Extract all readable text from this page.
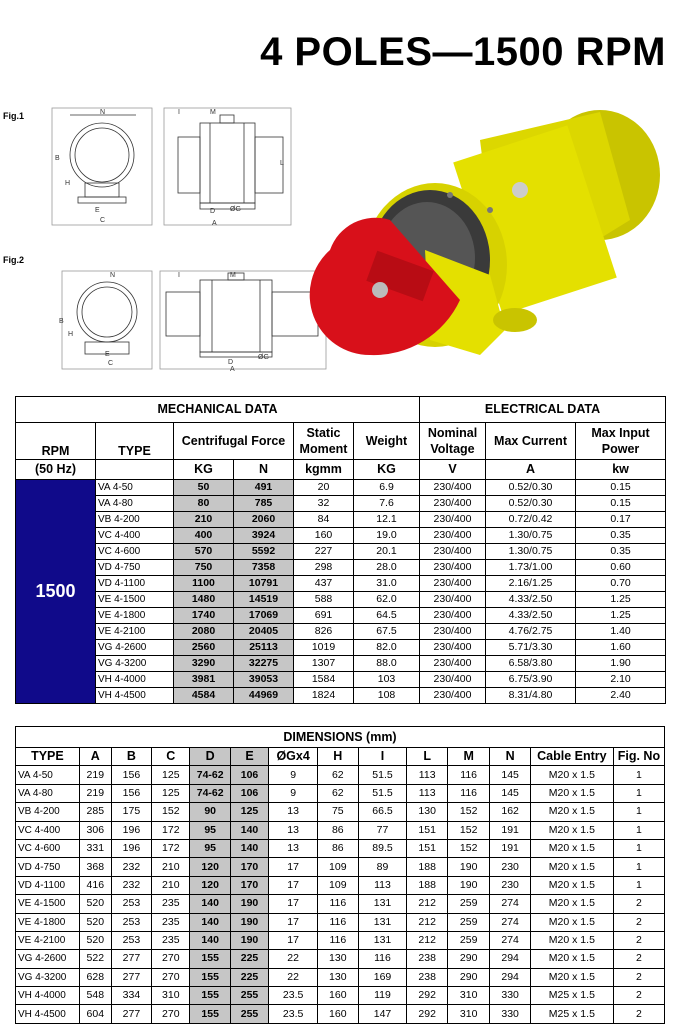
4 POLES—1500 RPM
Fig.1
Fig.2
N
B
H
E
C
I	M
L
D ØG
A
N
B
H
E
C
I	M
D
ØG
A
MECHANICAL DATA						ELECTRICAL DATA		
RPM	TYPE	Centrifugal Force		Static Moment	Weight	Nominal Voltage	Max Current	Max Input Power

(50 Hz)		KG	N	kgmm	KG	V	A	kw
1500	VA 4-50	50	491	20	6.9	230/400	0.52/0.30	0.15
	VA 4-80	80	785	32	7.6	230/400	0.52/0.30	0.15
	VB 4-200	210	2060	84	12.1	230/400	0.72/0.42	0.17
	VC 4-400	400	3924	160	19.0	230/400	1.30/0.75	0.35
	VC 4-600	570	5592	227	20.1	230/400	1.30/0.75	0.35
	VD 4-750	750	7358	298	28.0	230/400	1.73/1.00	0.60
	VD 4-1100	1100	10791	437	31.0	230/400	2.16/1.25	0.70
	VE 4-1500	1480	14519	588	62.0	230/400	4.33/2.50	1.25
	VE 4-1800	1740	17069	691	64.5	230/400	4.33/2.50	1.25
	VE 4-2100	2080	20405	826	67.5	230/400	4.76/2.75	1.40
	VG 4-2600	2560	25113	1019	82.0	230/400	5.71/3.30	1.60
	VG 4-3200	3290	32275	1307	88.0	230/400	6.58/3.80	1.90
	VH 4-4000	3981	39053	1584	103	230/400	6.75/3.90	2.10
	VH 4-4500	4584	44969	1824	108	230/400	8.31/4.80	2.40
DIMENSIONS (mm)													
TYPE	A	B	C	D	E	ØGx4	H	I	L	M	N	Cable Entry	Fig. No
VA 4-50	219	156	125	74-62	106	9	62	51.5	113	116	145	M20 x 1.5	1
VA 4-80	219	156	125	74-62	106	9	62	51.5	113	116	145	M20 x 1.5	1
VB 4-200	285	175	152	90	125	13	75	66.5	130	152	162	M20 x 1.5	1
VC 4-400	306	196	172	95	140	13	86	77	151	152	191	M20 x 1.5	1
VC 4-600	331	196	172	95	140	13	86	89.5	151	152	191	M20 x 1.5	1
VD 4-750	368	232	210	120	170	17	109	89	188	190	230	M20 x 1.5	1
VD 4-1100	416	232	210	120	170	17	109	113	188	190	230	M20 x 1.5	1
VE 4-1500	520	253	235	140	190	17	116	131	212	259	274	M20 x 1.5	2
VE 4-1800	520	253	235	140	190	17	116	131	212	259	274	M20 x 1.5	2
VE 4-2100	520	253	235	140	190	17	116	131	212	259	274	M20 x 1.5	2
VG 4-2600	522	277	270	155	225	22	130	116	238	290	294	M20 x 1.5	2
VG 4-3200	628	277	270	155	225	22	130	169	238	290	294	M20 x 1.5	2
VH 4-4000	548	334	310	155	255	23.5	160	119	292	310	330	M25 x 1.5	2
VH 4-4500	604	277	270	155	255	23.5	160	147	292	310	330	M25 x 1.5	2
